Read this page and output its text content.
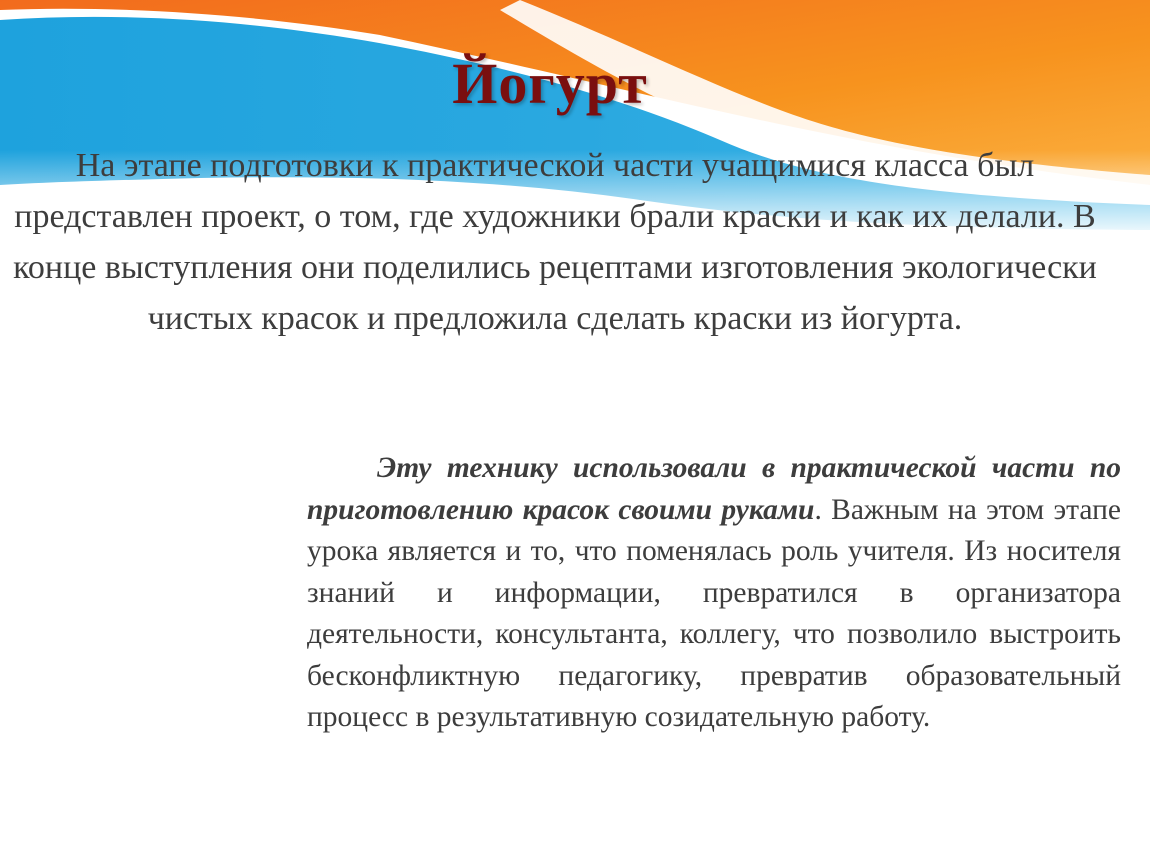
Йогурт
На этапе подготовки к практической части учащимися класса был представлен проект, о том, где художники брали краски и как их делали. В конце выступления они поделились рецептами изготовления экологически чистых красок и предложила сделать краски из йогурта.
Эту технику использовали в практической части по приготовлению красок своими руками. Важным на этом этапе урока является и то, что поменялась роль учителя. Из носителя знаний и информации, превратился в организатора деятельности, консультанта, коллегу, что позволило выстроить бесконфликтную педагогику, превратив образовательный процесс в результативную созидательную работу.
